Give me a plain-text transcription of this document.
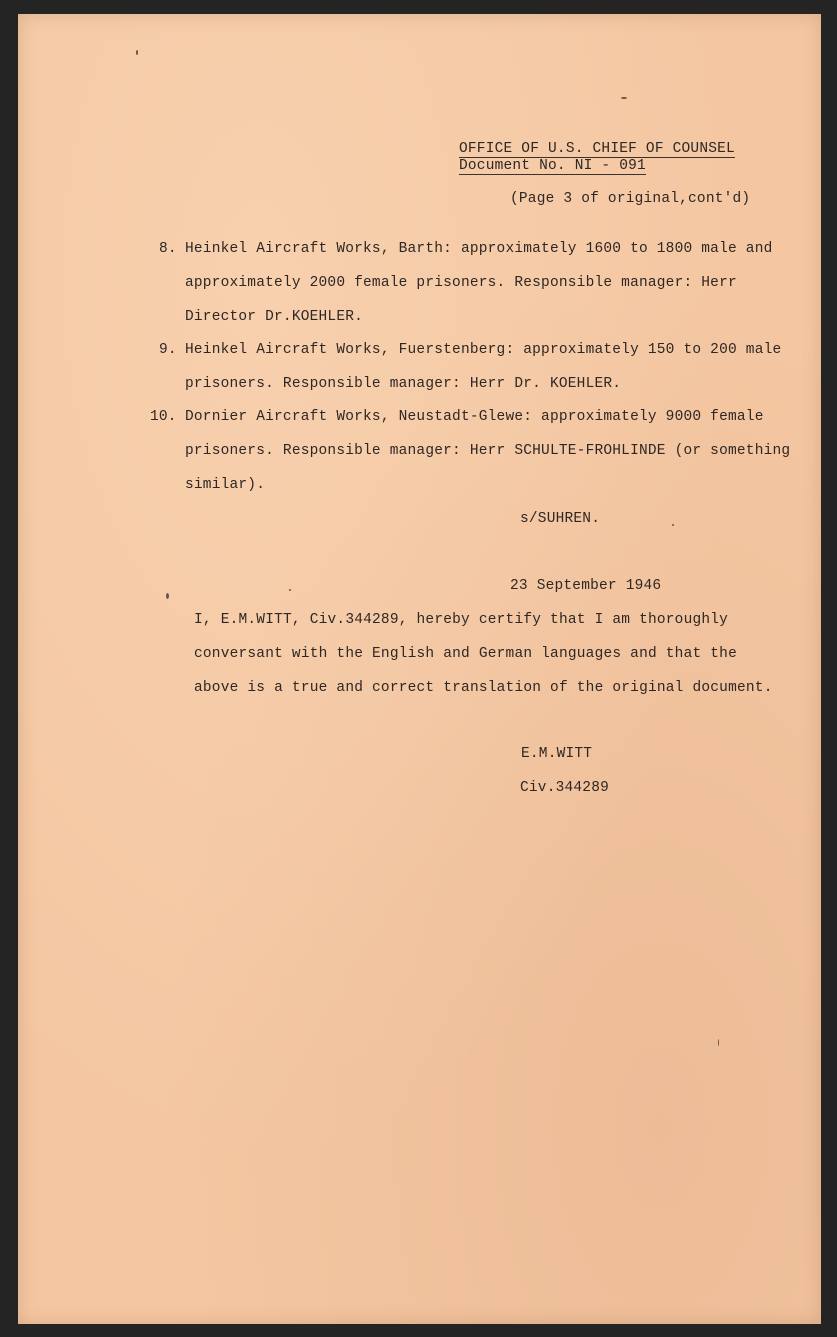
OFFICE OF U.S. CHIEF OF COUNSEL
Document No. NI - 091
(Page 3 of original,cont'd)
8. Heinkel Aircraft Works, Barth: approximately 1600 to 1800 male and
approximately 2000 female prisoners. Responsible manager: Herr
Director Dr.KOEHLER.
9. Heinkel Aircraft Works, Fuerstenberg: approximately 150 to 200 male
prisoners. Responsible manager: Herr Dr. KOEHLER.
10. Dornier Aircraft Works, Neustadt-Glewe: approximately 9000 female
prisoners. Responsible manager: Herr SCHULTE-FROHLINDE (or something
similar).
s/SUHREN.
23 September 1946
I, E.M.WITT, Civ.344289, hereby certify that I am thoroughly
conversant with the English and German languages and that the
above is a true and correct translation of the original document.
E.M.WITT
Civ.344289
